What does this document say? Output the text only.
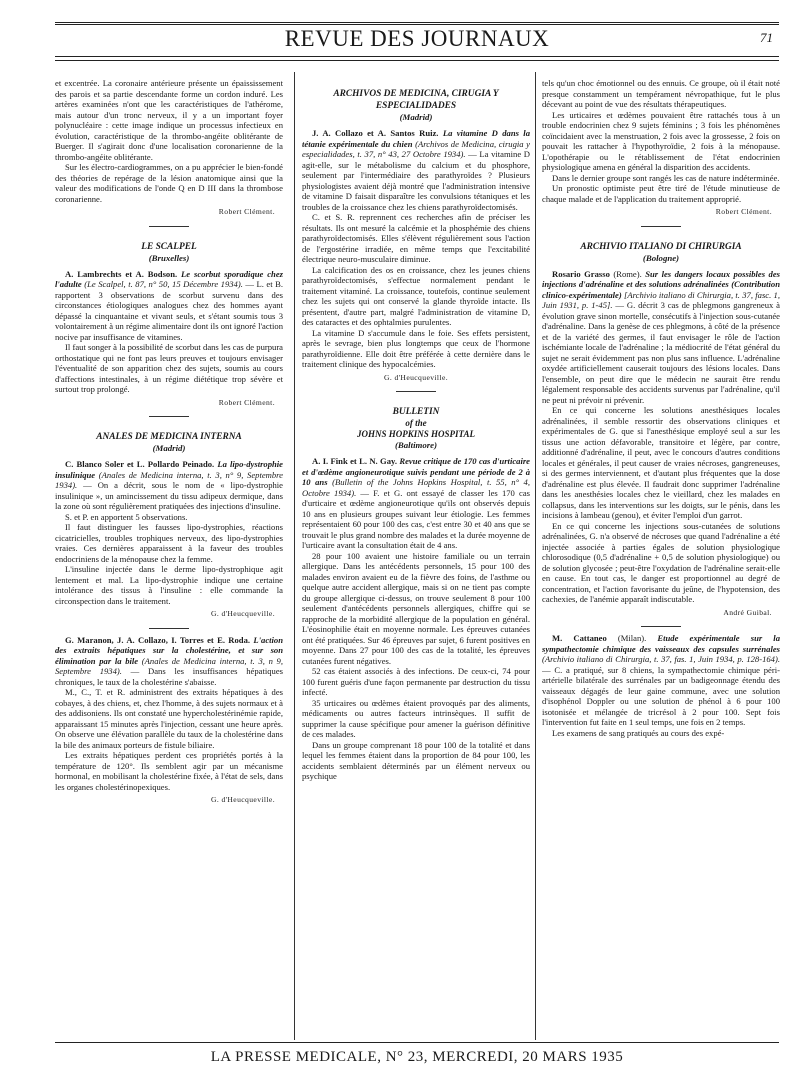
REVUE DES JOURNAUX	71

et excentrée. La coronaire antérieure présente un épaississement des parois et sa partie descendante forme un cordon induré. Les artères examinées n'ont que les caractéristiques de l'athérome, mais autour d'un tronc nerveux, il y a un important foyer polynucléaire : cette image indique un processus infectieux en évolution, caractéristique de la thrombo-angéite oblitérante de Buerger. Il s'agirait donc d'une localisation coronarienne de la thrombo-angéite oblitérante.

Sur les électro-cardiogrammes, on a pu apprécier le bien-fondé des théories de repérage de la lésion anatomique ainsi que la valeur des modifications de l'onde Q en D III dans la thrombose coronarienne.

Robert Clément.
LE SCALPEL
(Bruxelles)

A. Lambrechts et A. Bodson. Le scorbut sporadique chez l'adulte (Le Scalpel, t. 87, n° 50, 15 Décembre 1934). — L. et B. rapportent 3 observations de scorbut survenu dans des circonstances étiologiques analogues chez des hommes ayant dépassé la cinquantaine et vivant seuls, et s'étant soumis tous 3 volontairement à un régime alimentaire dont ils ont ignoré l'action nocive par insuffisance de vitamines.

Il faut songer à la possibilité de scorbut dans les cas de purpura orthostatique qui ne font pas leurs preuves et toujours envisager l'éventualité de son apparition chez des sujets, soumis au cours d'affections intestinales, à un régime diététique trop sévère et surtout trop prolongé.

Robert Clément.
ANALES DE MEDICINA INTERNA
(Madrid)

C. Blanco Soler et L. Pollardo Peinado. La lipo-dystrophie insulinique (Anales de Medicina interna, t. 3, n° 9, Septembre 1934). — On a décrit, sous le nom de « lipo-dystrophie insulinique », un amincissement du tissu adipeux dermique, dans la zone où sont régulièrement pratiquées des injections d'insuline.

S. et P. en apportent 5 observations.

Il faut distinguer les fausses lipo-dystrophies, réactions cicatricielles, troubles trophiques nerveux, des lipo-dystrophies vraies. Ces dernières apparaissent à la faveur des troubles endocriniens de la ménopause chez la femme.

L'insuline injectée dans le derme lipo-dystrophique agit lentement et mal. La lipo-dystrophie indique une certaine intolérance des tissus à l'insuline : elle commande la circonspection dans le traitement.

G. d'Heucqueville.

G. Maranon, J. A. Collazo, I. Torres et E. Roda. L'action des extraits hépatiques sur la cholestérine, et sur son élimination par la bile (Anales de Medicina interna, t. 3, n 9, Septembre 1934). — Dans les insuffisances hépatiques chroniques, le taux de la cholestérine s'abaisse.

M., C., T. et R. administrent des extraits hépatiques à des cobayes, à des chiens, et, chez l'homme, à des sujets normaux et à des addisoniens. Ils ont constaté une hypercholestérinémie rapide, apparaissant 15 minutes après l'injection, cessant une heure après. On observe une élévation parallèle du taux de la cholestérine dans la bile des animaux porteurs de fistule biliaire.

Les extraits hépatiques perdent ces propriétés portés à la température de 120°. Ils semblent agir par un mécanisme hormonal, en mobilisant la cholestérine fixée, à l'état de sels, dans les organes cholestérinopexiques.

G. d'Heucqueville.
ARCHIVOS DE MEDICINA, CIRUGIA Y ESPECIALIDADES
(Madrid)

J. A. Collazo et A. Santos Ruiz. La vitamine D dans la tétanie expérimentale du chien (Archivos de Medicina, cirugia y especialidades, t. 37, n° 43, 27 Octobre 1934). — La vitamine D agit-elle, sur le métabolisme du calcium et du phosphore, seulement par l'intermédiaire des parathyroïdes ? Plusieurs physiologistes avaient déjà montré que l'administration intensive de vitamine D faisait disparaître les convulsions tétaniques et les troubles de la croissance chez les chiens parathyroïdectomisés.

C. et S. R. reprennent ces recherches afin de préciser les résultats. Ils ont mesuré la calcémie et la phosphémie des chiens parathyroïdectomisés. Elles s'élèvent régulièrement sous l'action de l'ergostérine irradiée, en même temps que l'excitabilité électrique neuro-musculaire diminue.

La calcification des os en croissance, chez les jeunes chiens parathyroïdectomisés, s'effectue normalement pendant le traitement vitaminé. La croissance, toutefois, continue seulement chez les sujets qui ont conservé la glande thyroïde intacte. Ils présentent, d'autre part, malgré l'administration de vitamine D, des cataractes et des ophtalmies purulentes.

La vitamine D s'accumule dans le foie. Ses effets persistent, après le sevrage, bien plus longtemps que ceux de l'hormone parathyroïdienne. Elle doit être préférée à cette dernière dans le traitement clinique des hypocalcémies.

G. d'Heucqueville.
BULLETIN
of the
JOHNS HOPKINS HOSPITAL
(Baltimore)

A. I. Fink et L. N. Gay. Revue critique de 170 cas d'urticaire et d'œdème angioneurotique suivis pendant une période de 2 à 10 ans (Bulletin of the Johns Hopkins Hospital, t. 55, n° 4, Octobre 1934). — F. et G. ont essayé de classer les 170 cas d'urticaire et œdème angioneurotique qu'ils ont observés depuis 10 ans en plusieurs groupes suivant leur étiologie. Les femmes représentaient 60 pour 100 des cas, c'est entre 30 et 40 ans que se trouvait le plus grand nombre des malades et la durée moyenne de l'urticaire avant la consultation était de 4 ans.

28 pour 100 avaient une histoire familiale ou un terrain allergique. Dans les antécédents personnels, 15 pour 100 des malades environ avaient eu de la fièvre des foins, de l'asthme ou quelque autre accident allergique, mais si on ne tient pas compte du groupe allergique ci-dessus, on trouve seulement 8 pour 100 seulement d'antécédents personnels allergiques, chiffre qui se rapproche de la morbidité allergique de la population en général. L'éosinophilie était en moyenne normale. Les épreuves cutanées ont été pratiquées. Sur 46 épreuves par sujet, 6 furent positives en moyenne. Dans 27 pour 100 des cas de la totalité, les épreuves cutanées furent négatives.

52 cas étaient associés à des infections. De ceux-ci, 74 pour 100 furent guéris d'une façon permanente par destruction du tissu infecté.

35 urticaires ou œdèmes étaient provoqués par des aliments, médicaments ou autres facteurs intrinsèques. Il suffit de supprimer la cause spécifique pour amener la guérison définitive de ces malades.

Dans un groupe comprenant 18 pour 100 de la totalité et dans lequel les femmes étaient dans la proportion de 84 pour 100, les accidents semblaient déterminés par un élément nerveux ou psychique

tels qu'un choc émotionnel ou des ennuis. Ce groupe, où il était noté presque constamment un tempérament névropathique, fut le plus décevant au point de vue des résultats thérapeutiques.

Les urticaires et œdèmes pouvaient être rattachés tous à un trouble endocrinien chez 9 sujets féminins ; 3 fois les phénomènes coïncidaient avec la menstruation, 2 fois avec la grossesse, 2 fois on pouvait les rattacher à l'hypothyroïdie, 2 fois à la ménopause. L'opothérapie ou le rétablissement de l'état endocrinien physiologique amena en général la disparition des accidents.

Dans le dernier groupe sont rangés les cas de nature indéterminée.

Un pronostic optimiste peut être tiré de l'étude minutieuse de chaque malade et de l'application du traitement approprié.

Robert Clément.
ARCHIVIO ITALIANO DI CHIRURGIA
(Bologne)

Rosario Grasso (Rome). Sur les dangers locaux possibles des injections d'adrénaline et des solutions adrénalinées (Contribution clinico-expérimentale) [Archivio italiano di Chirurgia, t. 37, fasc. 1, Juin 1931, p. 1-45]. — G. décrit 3 cas de phlegmons gangreneux à évolution grave sinon mortelle, consécutifs à l'injection sous-cutanée d'adrénaline. Dans la genèse de ces phlegmons, à côté de la présence et de la variété des germes, il faut envisager le rôle de l'action ischémiante locale de l'adrénaline ; la médiocrité de l'état général du sujet ne serait évidemment pas non plus sans influence. L'adrénaline oxydée artificiellement causerait toujours des lésions locales. Dans l'ensemble, on peut dire que le médecin ne saurait être rendu légalement responsable des accidents survenus par l'adrénaline, qu'il ne peut ni prévoir ni prévenir.

En ce qui concerne les solutions anesthésiques locales adrénalinées, il semble ressortir des observations cliniques et expérimentales de G. que si l'anesthésique employé seul a sur les tissus une action défavorable, transitoire et légère, par contre, additionné d'adrénaline, il peut, avec le concours d'autres conditions locales et générales, il peut causer de vraies nécroses, gangreneuses, si des germes interviennent, et d'autant plus fréquentes que la dose d'adrénaline est plus élevée. Il faudrait donc supprimer l'adrénaline dans les anesthésies locales chez le vieillard, chez les malades en collapsus, dans les interventions sur les doigts, sur le pénis, dans les incisions à lambeau (genou), et éviter l'emploi d'un garrot.

En ce qui concerne les injections sous-cutanées de solutions adrénalinées, G. n'a observé de nécroses que quand l'adrénaline a été injectée associée à parties égales de solution physiologique chlorosodique (0,5 d'adrénaline + 0,5 de solution physiologique) ou de solution glycosée ; peut-être l'oxydation de l'adrénaline serait-elle en cause. En tout cas, le danger est proportionnel au degré de concentration, et l'action favorisante du jeûne, de l'hypotension, des cachexies, de l'anémie apparaît indiscutable.

André Guibal.

M. Cattaneo (Milan). Etude expérimentale sur la sympathectomie chimique des vaisseaux des capsules surrénales (Archivio italiano di Chirurgia, t. 37, fas. 1, Juin 1934, p. 128-164). — C. a pratiqué, sur 8 chiens, la sympathectomie chimique péri-artérielle bilatérale des surrénales par un badigeonnage étendu des vaisseaux dégagés de leur gaine commune, avec une solution d'isophénol Doppler ou une solution de phénol à 6 pour 100 isotonisée et mélangée de tricrésol à 2 pour 100. Sept fois l'intervention fut faite en 1 seul temps, une fois en 2 temps.

Les examens de sang pratiqués au cours des expé-

LA PRESSE MEDICALE, N° 23, MERCREDI, 20 MARS 1935
